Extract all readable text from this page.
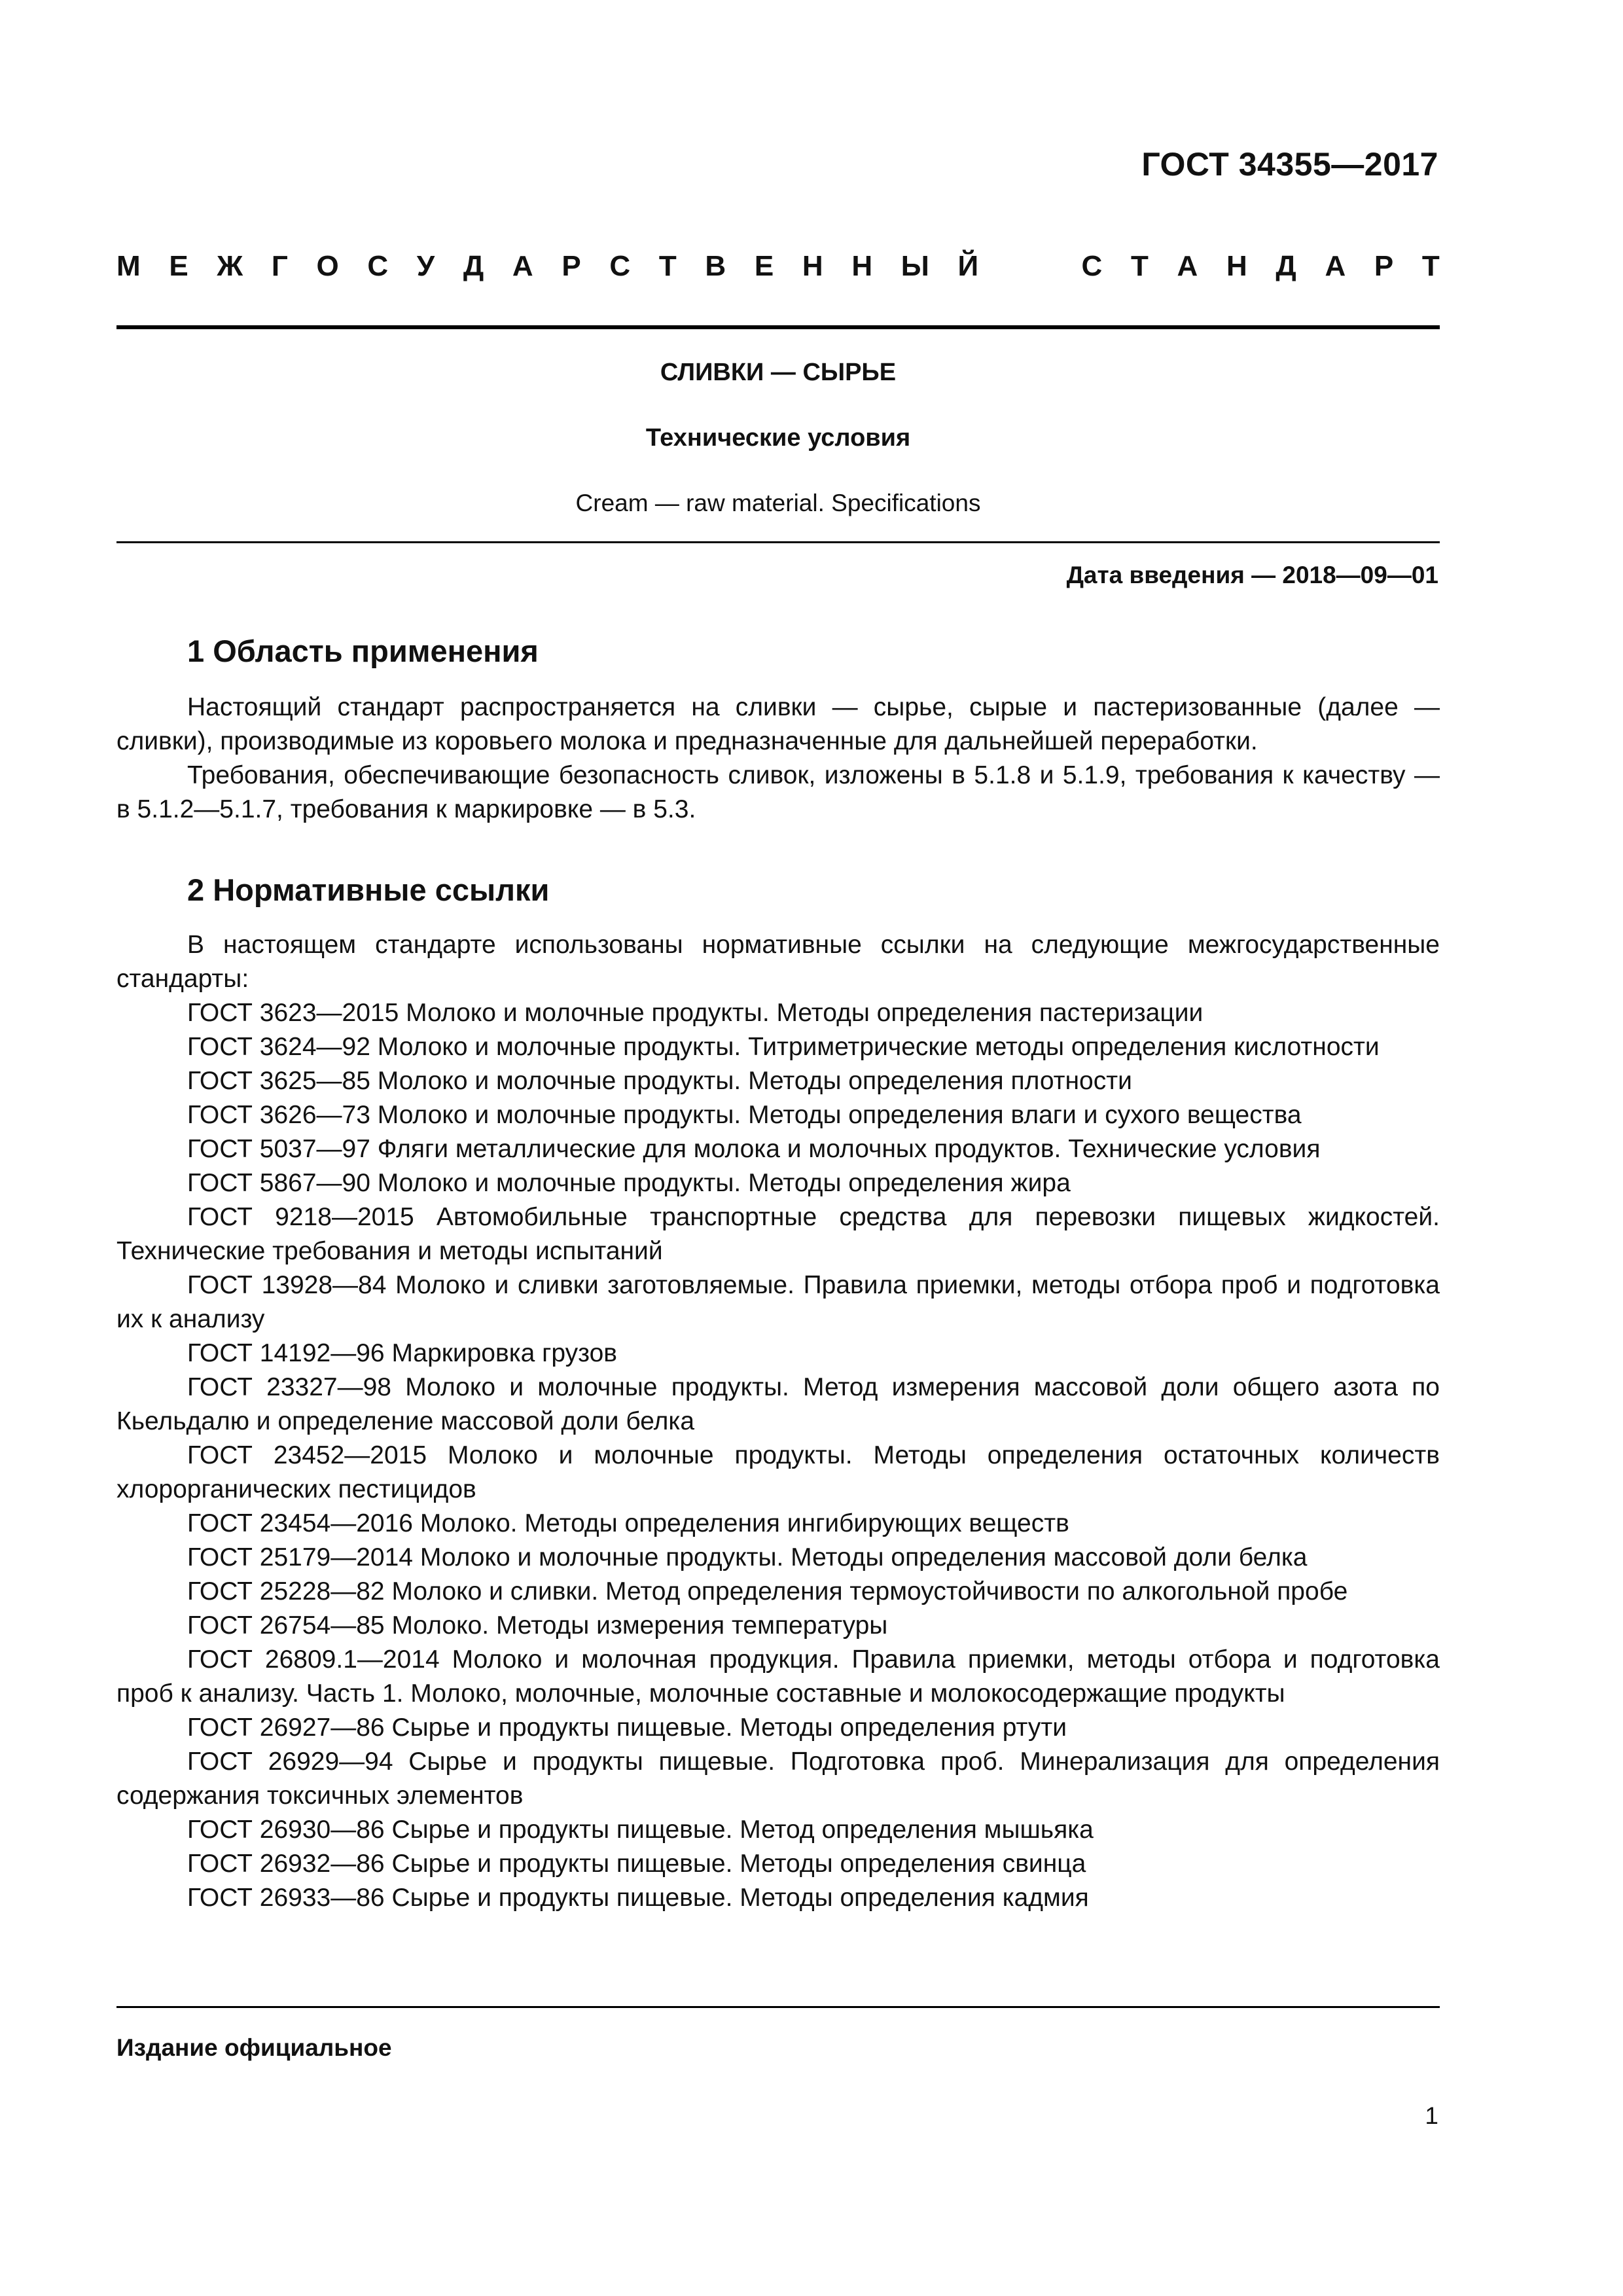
ГОСТ 34355—2017
М Е Ж Г О С У Д А Р С Т В Е Н Н Ы Й	С Т А Н Д А Р Т
СЛИВКИ — СЫРЬЕ
Технические условия
Cream — raw material. Specifications
Дата введения — 2018—09—01
1 Область применения

Настоящий стандарт распространяется на сливки — сырье, сырые и пастеризованные (далее — сливки), производимые из коровьего молока и предназначенные для дальнейшей переработки.

Требования, обеспечивающие безопасность сливок, изложены в 5.1.8 и 5.1.9, требования к качеству — в 5.1.2—5.1.7, требования к маркировке — в 5.3.

2 Нормативные ссылки

В настоящем стандарте использованы нормативные ссылки на следующие межгосударственные стандарты:

ГОСТ 3623—2015 Молоко и молочные продукты. Методы определения пастеризации

ГОСТ 3624—92 Молоко и молочные продукты. Титриметрические методы определения кислотности

ГОСТ 3625—85 Молоко и молочные продукты. Методы определения плотности

ГОСТ 3626—73 Молоко и молочные продукты. Методы определения влаги и сухого вещества

ГОСТ 5037—97 Фляги металлические для молока и молочных продуктов. Технические условия

ГОСТ 5867—90 Молоко и молочные продукты. Методы определения жира

ГОСТ 9218—2015 Автомобильные транспортные средства для перевозки пищевых жидкостей. Технические требования и методы испытаний

ГОСТ 13928—84 Молоко и сливки заготовляемые. Правила приемки, методы отбора проб и подготовка их к анализу

ГОСТ 14192—96 Маркировка грузов

ГОСТ 23327—98 Молоко и молочные продукты. Метод измерения массовой доли общего азота по Кьельдалю и определение массовой доли белка

ГОСТ 23452—2015 Молоко и молочные продукты. Методы определения остаточных количеств хлорорганических пестицидов

ГОСТ 23454—2016 Молоко. Методы определения ингибирующих веществ

ГОСТ 25179—2014 Молоко и молочные продукты. Методы определения массовой доли белка

ГОСТ 25228—82 Молоко и сливки. Метод определения термоустойчивости по алкогольной пробе

ГОСТ 26754—85 Молоко. Методы измерения температуры

ГОСТ 26809.1—2014 Молоко и молочная продукция. Правила приемки, методы отбора и подготовка проб к анализу. Часть 1. Молоко, молочные, молочные составные и молокосодержащие продукты

ГОСТ 26927—86 Сырье и продукты пищевые. Методы определения ртути

ГОСТ 26929—94 Сырье и продукты пищевые. Подготовка проб. Минерализация для определения содержания токсичных элементов

ГОСТ 26930—86 Сырье и продукты пищевые. Метод определения мышьяка

ГОСТ 26932—86 Сырье и продукты пищевые. Методы определения свинца

ГОСТ 26933—86 Сырье и продукты пищевые. Методы определения кадмия

Издание официальное
1
